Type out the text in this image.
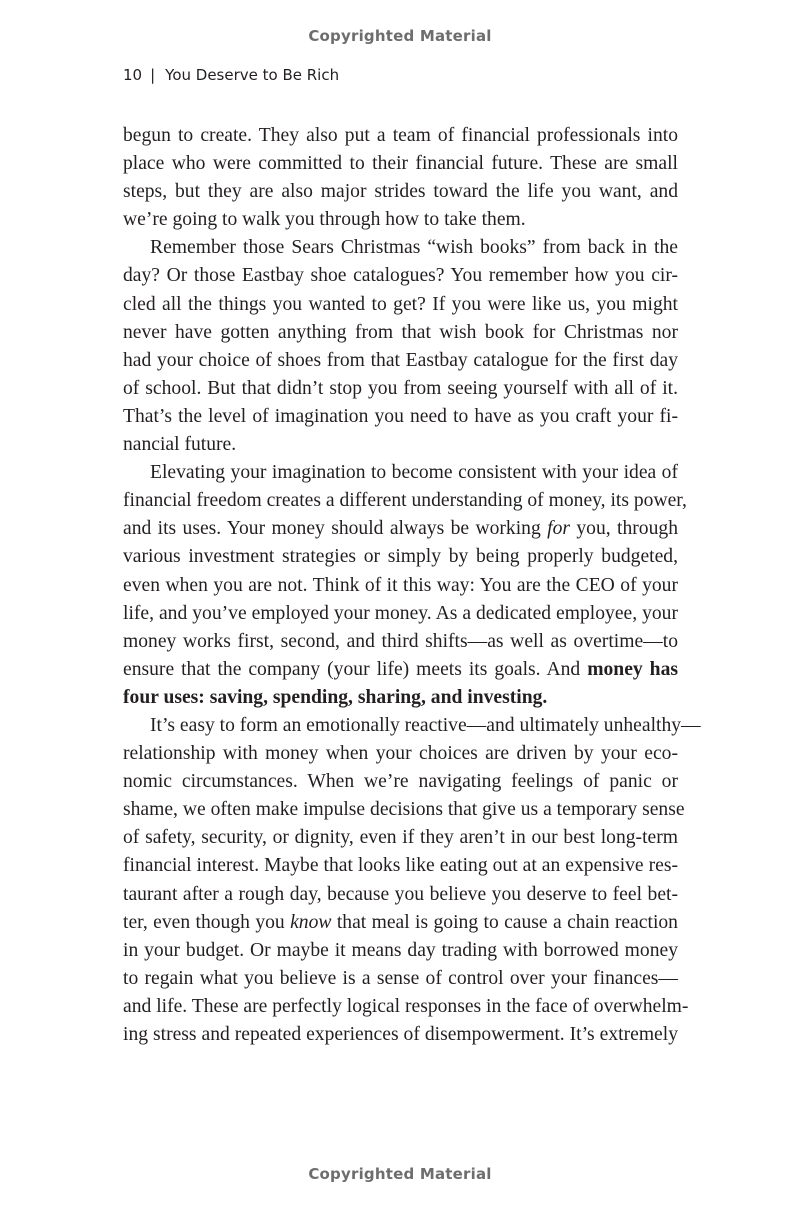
Copyrighted Material
10 | You Deserve to Be Rich
begun to create. They also put a team of financial professionals into
place who were committed to their financial future. These are small
steps, but they are also major strides toward the life you want, and
we’re going to walk you through how to take them.
Remember those Sears Christmas “wish books” from back in the
day? Or those Eastbay shoe catalogues? You remember how you cir-
cled all the things you wanted to get? If you were like us, you might
never have gotten anything from that wish book for Christmas nor
had your choice of shoes from that Eastbay catalogue for the first day
of school. But that didn’t stop you from seeing yourself with all of it.
That’s the level of imagination you need to have as you craft your fi-
nancial future.
Elevating your imagination to become consistent with your idea of
financial freedom creates a different understanding of money, its power,
and its uses. Your money should always be working for you, through
various investment strategies or simply by being properly budgeted,
even when you are not. Think of it this way: You are the CEO of your
life, and you’ve employed your money. As a dedicated employee, your
money works first, second, and third shifts—as well as overtime—to
ensure that the company (your life) meets its goals. And money has
four uses: saving, spending, sharing, and investing.
It’s easy to form an emotionally reactive—and ultimately unhealthy—
relationship with money when your choices are driven by your eco-
nomic circumstances. When we’re navigating feelings of panic or
shame, we often make impulse decisions that give us a temporary sense
of safety, security, or dignity, even if they aren’t in our best long-term
financial interest. Maybe that looks like eating out at an expensive res-
taurant after a rough day, because you believe you deserve to feel bet-
ter, even though you know that meal is going to cause a chain reaction
in your budget. Or maybe it means day trading with borrowed money
to regain what you believe is a sense of control over your finances—
and life. These are perfectly logical responses in the face of overwhelm-
ing stress and repeated experiences of disempowerment. It’s extremely
Copyrighted Material
